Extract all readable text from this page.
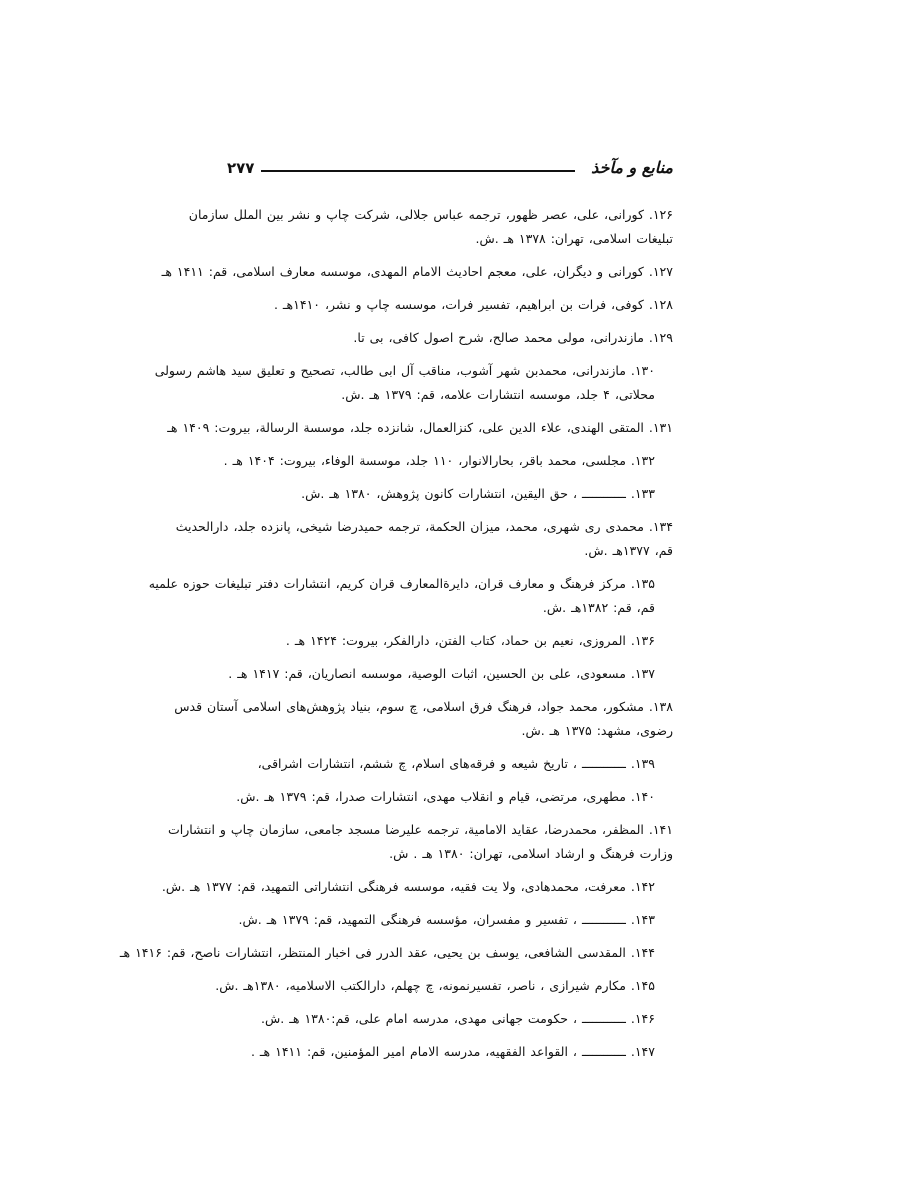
منابع و مآخذ
۲۷۷
۱۲۶. کورانی، علی، عصر ظهور، ترجمه عباس جلالی، شرکت چاپ و نشر بین الملل سازمان
تبلیغات اسلامی، تهران: ۱۳۷۸ هـ .ش.
۱۲۷. کورانی و دیگران، علی، معجم احادیث الامام المهدی، موسسه معارف اسلامی، قم: ۱۴۱۱ هـ
۱۲۸. کوفی، فرات بن ابراهیم، تفسیر فرات، موسسه چاپ و نشر، ۱۴۱۰هـ .
۱۲۹. مازندرانی، مولی محمد صالح، شرح اصول کافی، بی تا.
۱۳۰. مازندرانی، محمدبن شهر آشوب، مناقب آل ابی طالب، تصحیح و تعلیق سید هاشم رسولی
محلاتی، ۴ جلد، موسسه انتشارات علامه، قم: ۱۳۷۹ هـ .ش.
۱۳۱. المتقی الهندی، علاء الدین علی، کنزالعمال، شانزده جلد، موسسة الرسالة، بیروت: ۱۴۰۹ هـ
۱۳۲. مجلسی، محمد باقر، بحارالانوار، ۱۱۰ جلد، موسسة الوفاء، بیروت: ۱۴۰۴ هـ .
۱۳۳. ــــــــــــ ، حق الیقین، انتشارات کانون پژوهش، ۱۳۸۰ هـ .ش.
۱۳۴. محمدی ری شهری، محمد، میزان الحکمة، ترجمه حمیدرضا شیخی، پانزده جلد، دارالحدیث
قم، ۱۳۷۷هـ .ش.
۱۳۵. مرکز فرهنگ و معارف قران، دایرةالمعارف قران کریم، انتشارات دفتر تبلیغات حوزه علمیه
قم، قم: ۱۳۸۲هـ .ش.
۱۳۶. المروزی، نعیم بن حماد، کتاب الفتن، دارالفکر، بیروت: ۱۴۲۴ هـ .
۱۳۷. مسعودی، علی بن الحسین، اثبات الوصیة، موسسه انصاریان، قم: ۱۴۱۷ هـ .
۱۳۸. مشکور، محمد جواد، فرهنگ فرق اسلامی، چ سوم، بنیاد پژوهش‌های اسلامی آستان قدس
رضوی، مشهد: ۱۳۷۵ هـ .ش.
۱۳۹. ــــــــــــ ، تاریخ شیعه و فرقه‌های اسلام، چ ششم، انتشارات اشراقی،
۱۴۰. مطهری، مرتضی، قیام و انقلاب مهدی، انتشارات صدرا، قم: ۱۳۷۹ هـ .ش.
۱۴۱. المظفر، محمدرضا، عقاید الامامیة، ترجمه علیرضا مسجد جامعی، سازمان چاپ و انتشارات
وزارت فرهنگ و ارشاد اسلامی، تهران: ۱۳۸۰ هـ . ش.
۱۴۲. معرفت، محمدهادی، ولا یت فقیه، موسسه فرهنگی انتشاراتی التمهید، قم: ۱۳۷۷ هـ .ش.
۱۴۳. ــــــــــــ ، تفسیر و مفسران، مؤسسه فرهنگی التمهید، قم: ۱۳۷۹ هـ .ش.
۱۴۴. المقدسی الشافعی، یوسف بن یحیی، عقد الدرر فی اخبار المنتظر، انتشارات ناصح، قم: ۱۴۱۶ هـ
۱۴۵. مکارم شیرازی ، ناصر، تفسیرنمونه، چ چهلم، دارالکتب الاسلامیه، ۱۳۸۰هـ .ش.
۱۴۶. ــــــــــــ ، حکومت جهانی مهدی، مدرسه امام علی، قم:۱۳۸۰ هـ .ش.
۱۴۷. ــــــــــــ ، القواعد الفقهیه، مدرسه الامام امیر المؤمنین، قم: ۱۴۱۱ هـ .
